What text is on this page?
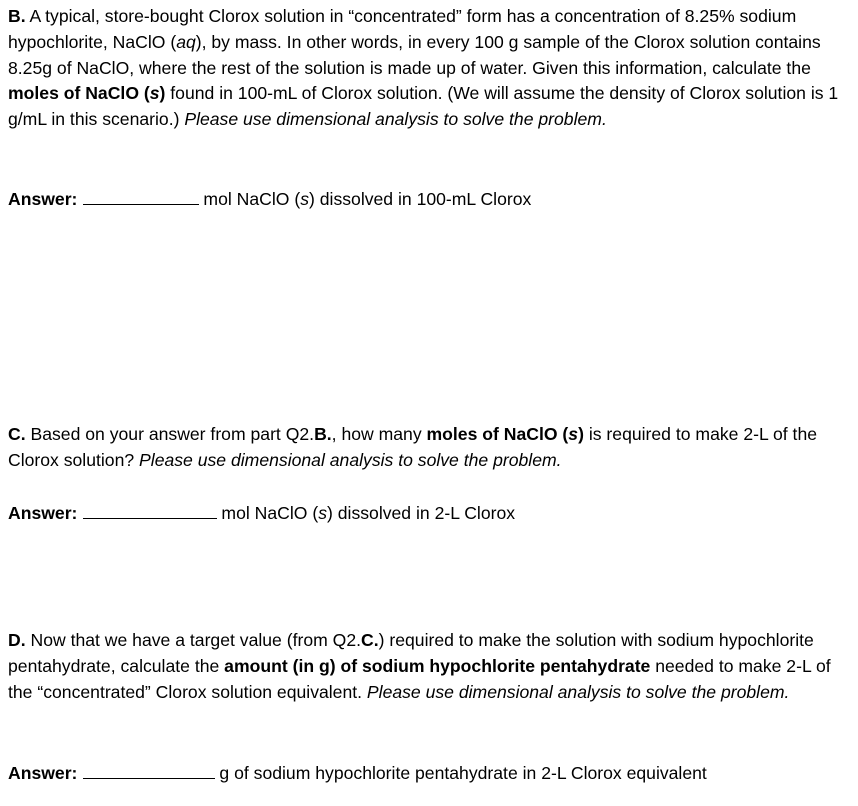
B. A typical, store-bought Clorox solution in “concentrated” form has a concentration of 8.25% sodium hypochlorite, NaClO (aq), by mass. In other words, in every 100 g sample of the Clorox solution contains 8.25g of NaClO, where the rest of the solution is made up of water. Given this information, calculate the moles of NaClO (s) found in 100-mL of Clorox solution. (We will assume the density of Clorox solution is 1 g/mL in this scenario.) Please use dimensional analysis to solve the problem.

Answer:	mol NaClO (s) dissolved in 100-mL Clorox

C. Based on your answer from part Q2.B., how many moles of NaClO (s) is required to make 2-L of the Clorox solution? Please use dimensional analysis to solve the problem.

Answer:	mol NaClO (s) dissolved in 2-L Clorox

D. Now that we have a target value (from Q2.C.) required to make the solution with sodium hypochlorite pentahydrate, calculate the amount (in g) of sodium hypochlorite pentahydrate needed to make 2-L of the “concentrated” Clorox solution equivalent. Please use dimensional analysis to solve the problem.

Answer:	g of sodium hypochlorite pentahydrate in 2-L Clorox equivalent
